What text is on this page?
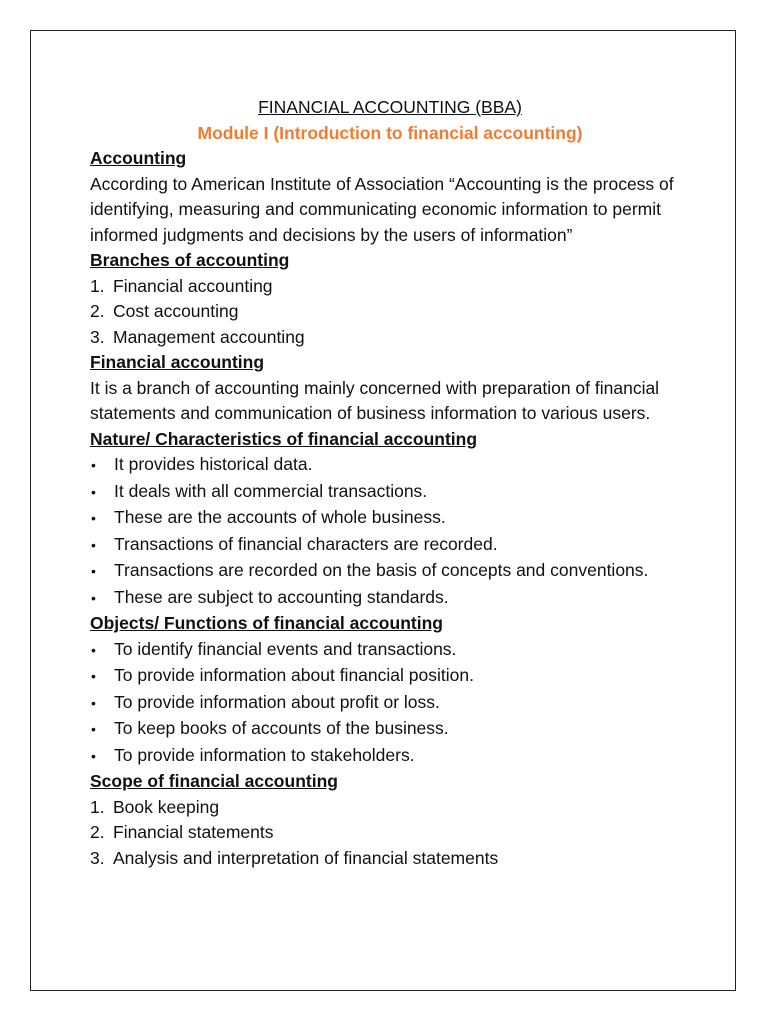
FINANCIAL ACCOUNTING (BBA)
Module I (Introduction to financial accounting)
Accounting

According to American Institute of Association “Accounting is the process of identifying, measuring and communicating economic information to permit informed judgments and decisions by the users of information”

Branches of accounting
1. Financial accounting
2. Cost accounting
3. Management accounting
Financial accounting

It is a branch of accounting mainly concerned with preparation of financial statements and communication of business information to various users.

Nature/ Characteristics of financial accounting
•	It provides historical data.
•	It deals with all commercial transactions.
•	These are the accounts of whole business.
•	Transactions of financial characters are recorded.
•	Transactions are recorded on the basis of concepts and conventions.
•	These are subject to accounting standards.
Objects/ Functions of financial accounting
•	To identify financial events and transactions.
•	To provide information about financial position.
•	To provide information about profit or loss.
•	To keep books of accounts of the business.
•	To provide information to stakeholders.
Scope of financial accounting
1. Book keeping
2. Financial statements
3. Analysis and interpretation of financial statements
